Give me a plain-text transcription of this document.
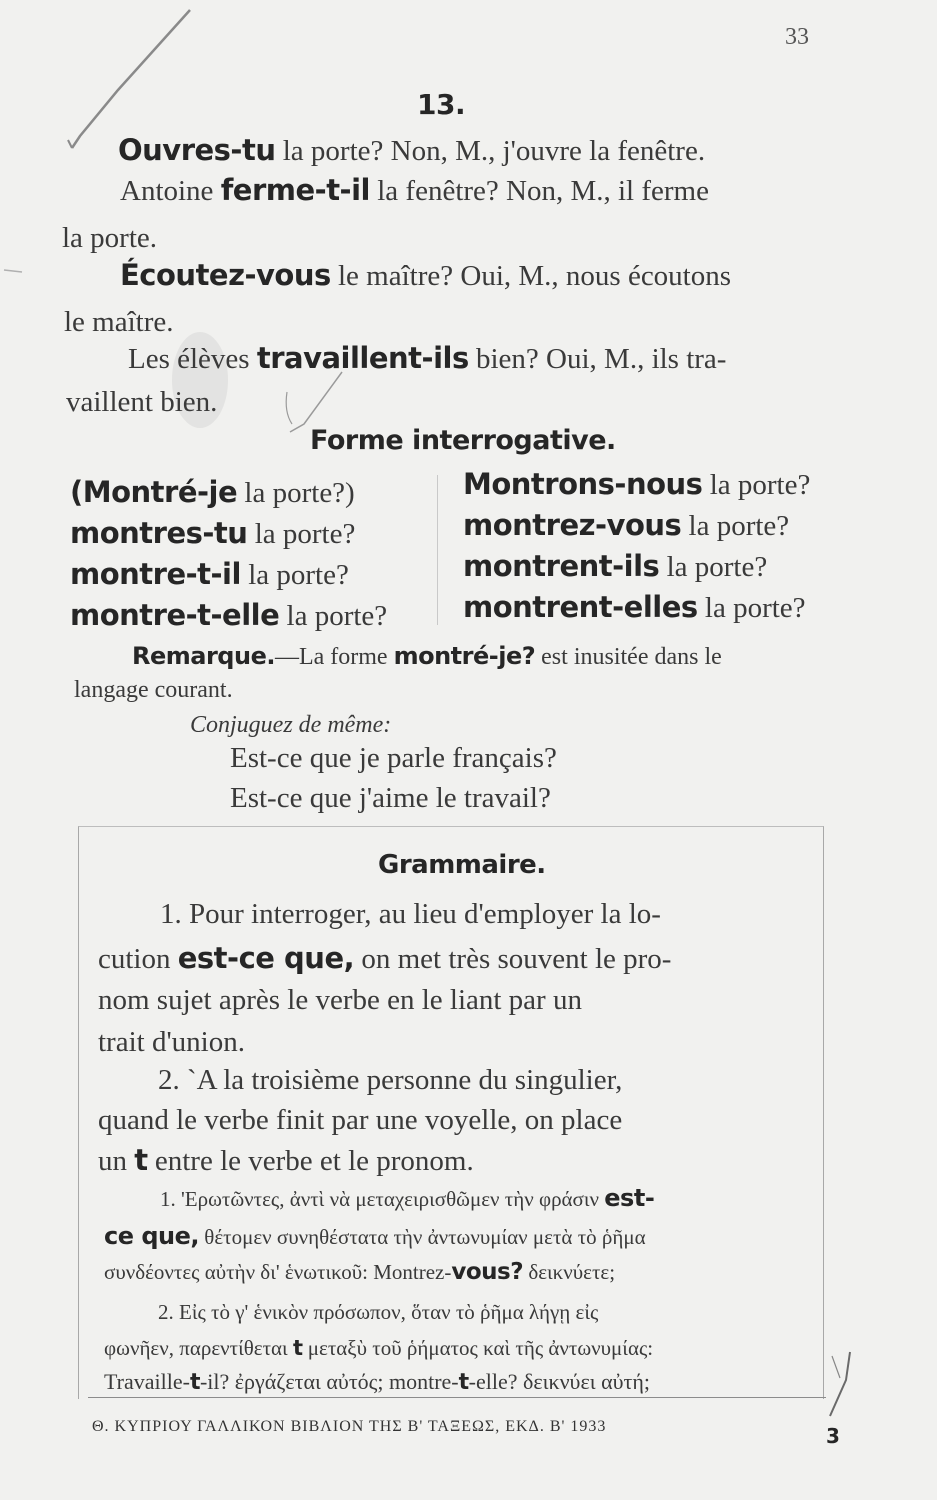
33
13.
Ouvres-tu la porte? Non, M., j'ouvre la fenêtre.
Antoine ferme-t-il la fenêtre? Non, M., il ferme
la porte.
Écoutez-vous le maître? Oui, M., nous écoutons
le maître.
Les élèves travaillent-ils bien? Oui, M., ils tra-
vaillent bien.
Forme interrogative.
(Montré-je la porte?)
montres-tu la porte?
montre-t-il la porte?
montre-t-elle la porte?
Montrons-nous la porte?
montrez-vous la porte?
montrent-ils la porte?
montrent-elles la porte?
Remarque.—La forme montré-je? est inusitée dans le
langage courant.
Conjuguez de même:
Est-ce que je parle français?
Est-ce que j'aime le travail?
Grammaire.
1. Pour interroger, au lieu d'employer la lo-
cution est-ce que, on met très souvent le pro-
nom sujet après le verbe en le liant par un
trait d'union.
2. `A la troisième personne du singulier,
quand le verbe finit par une voyelle, on place
un t entre le verbe et le pronom.
1. 'Ερωτῶντες, ἀντὶ νὰ μεταχειρισθῶμεν τὴν φράσιν est-
ce que, θέτομεν συνηθέστατα τὴν ἀντωνυμίαν μετὰ τὸ ῥῆμα
συνδέοντες αὐτὴν δι' ἑνωτικοῦ: Montrez-vous? δεικνύετε;
2. Εἰς τὸ γ' ἑνικὸν πρόσωπον, ὅταν τὸ ῥῆμα λήγῃ εἰς
φωνῆεν, παρεντίθεται t μεταξὺ τοῦ ῥήματος καὶ τῆς ἀντωνυμίας:
Travaille-t-il? ἐργάζεται αὐτός; montre-t-elle? δεικνύει αὐτή;
Θ. ΚΥΠΡΙΟΥ ΓΑΛΛΙΚΟΝ ΒΙΒΛΙΟΝ ΤΗΣ Β' ΤΑΞΕΩΣ, ΕΚΔ. Β' 1933	3
